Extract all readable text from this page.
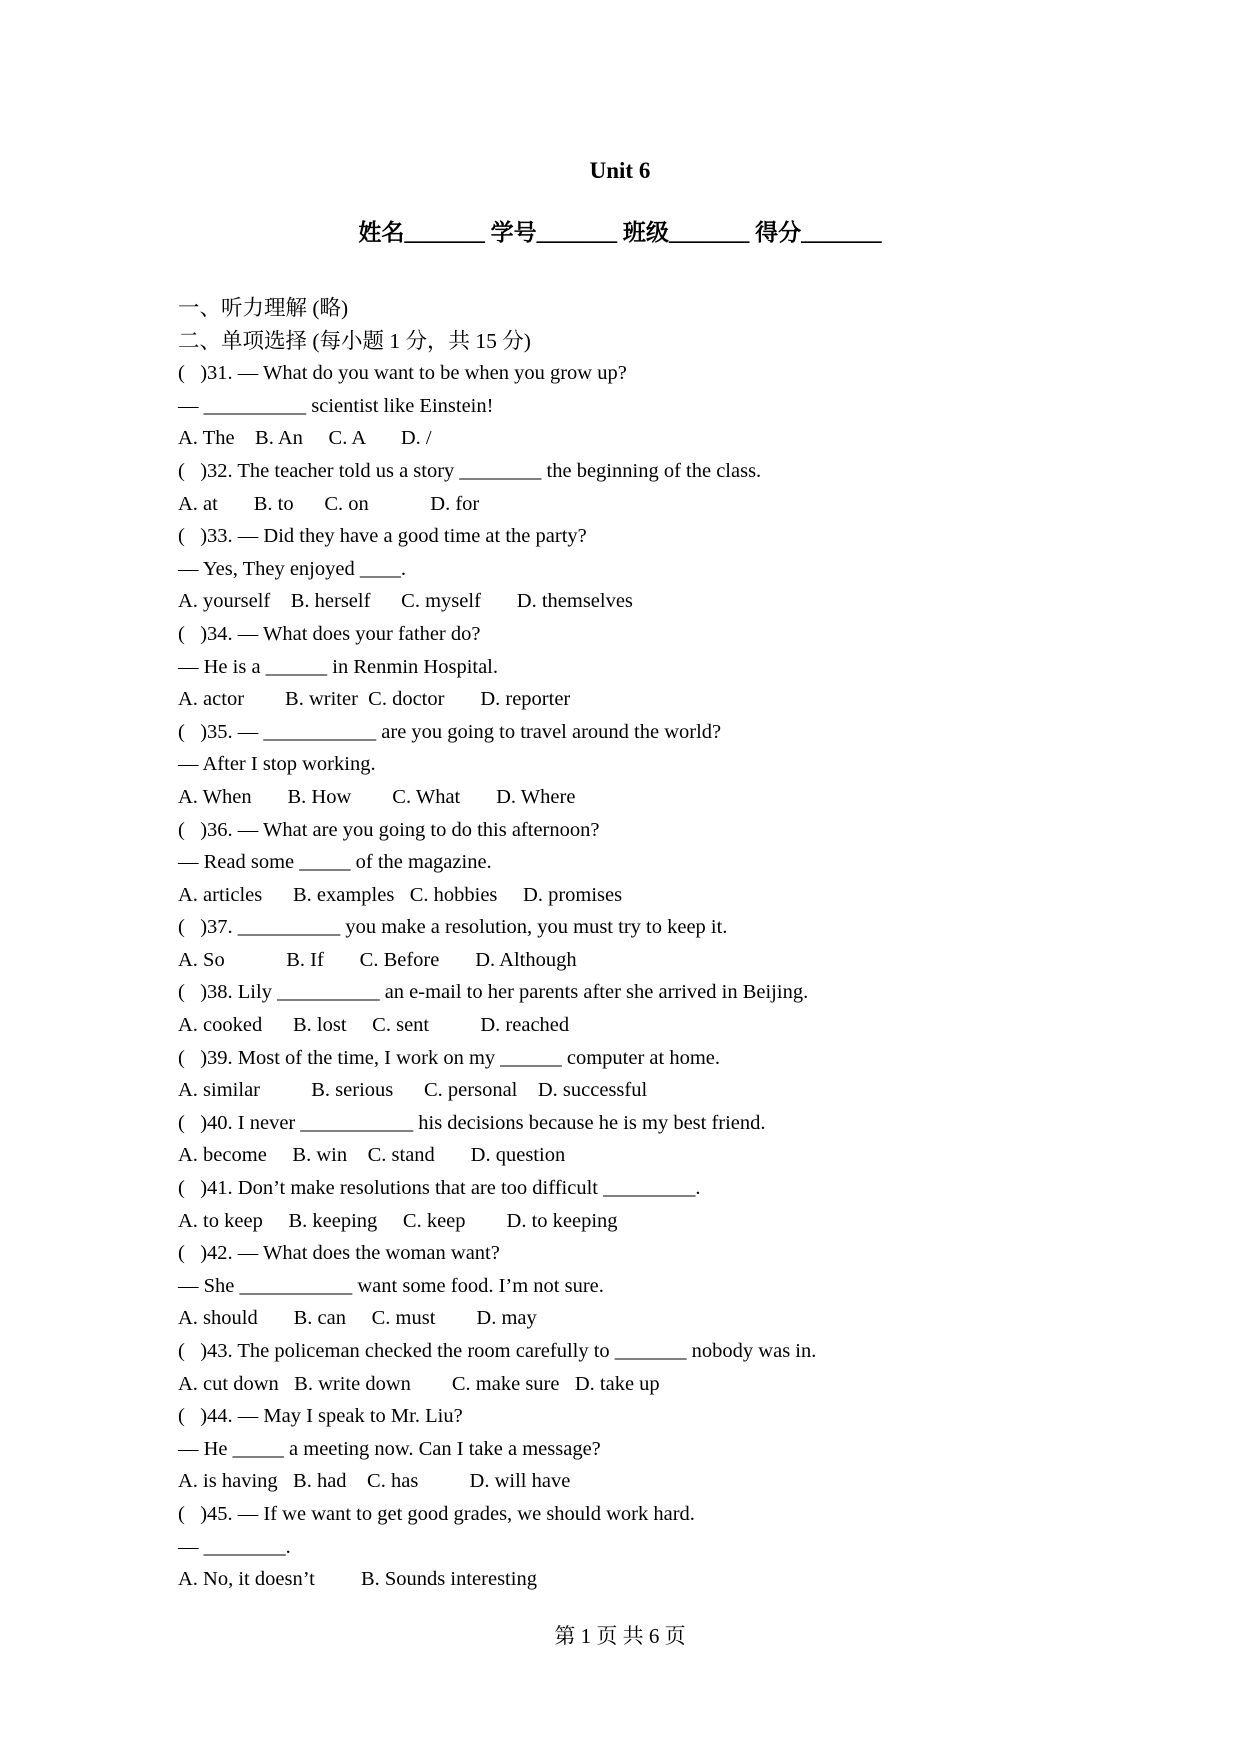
Unit 6
姓名_______ 学号_______ 班级_______ 得分_______
一、听力理解 (略)
二、单项选择 (每小题 1 分，共 15 分)
(   )31. — What do you want to be when you grow up?
— __________ scientist like Einstein!
A. The    B. An     C. A       D. /
(   )32. The teacher told us a story ________ the beginning of the class.
A. at       B. to      C. on            D. for
(   )33. — Did they have a good time at the party?
— Yes, They enjoyed ____.
A. yourself    B. herself      C. myself       D. themselves
(   )34. — What does your father do?
— He is a ______ in Renmin Hospital.
A. actor        B. writer  C. doctor       D. reporter
(   )35. — ___________ are you going to travel around the world?
— After I stop working.
A. When       B. How        C. What       D. Where
(   )36. — What are you going to do this afternoon?
— Read some _____ of the magazine.
A. articles      B. examples   C. hobbies     D. promises
(   )37. __________ you make a resolution, you must try to keep it.
A. So            B. If       C. Before       D. Although
(   )38. Lily __________ an e-mail to her parents after she arrived in Beijing.
A. cooked      B. lost     C. sent          D. reached
(   )39. Most of the time, I work on my ______ computer at home.
A. similar          B. serious      C. personal    D. successful
(   )40. I never ___________ his decisions because he is my best friend.
A. become     B. win    C. stand       D. question
(   )41. Don’t make resolutions that are too difficult _________.
A. to keep     B. keeping     C. keep        D. to keeping
(   )42. — What does the woman want?
— She ___________ want some food. I’m not sure.
A. should       B. can     C. must        D. may
(   )43. The policeman checked the room carefully to _______ nobody was in.
A. cut down   B. write down        C. make sure   D. take up
(   )44. — May I speak to Mr. Liu?
— He _____ a meeting now. Can I take a message?
A. is having   B. had    C. has          D. will have
(   )45. — If we want to get good grades, we should work hard.
— ________.
A. No, it doesn’t         B. Sounds interesting
第 1 页 共 6 页
